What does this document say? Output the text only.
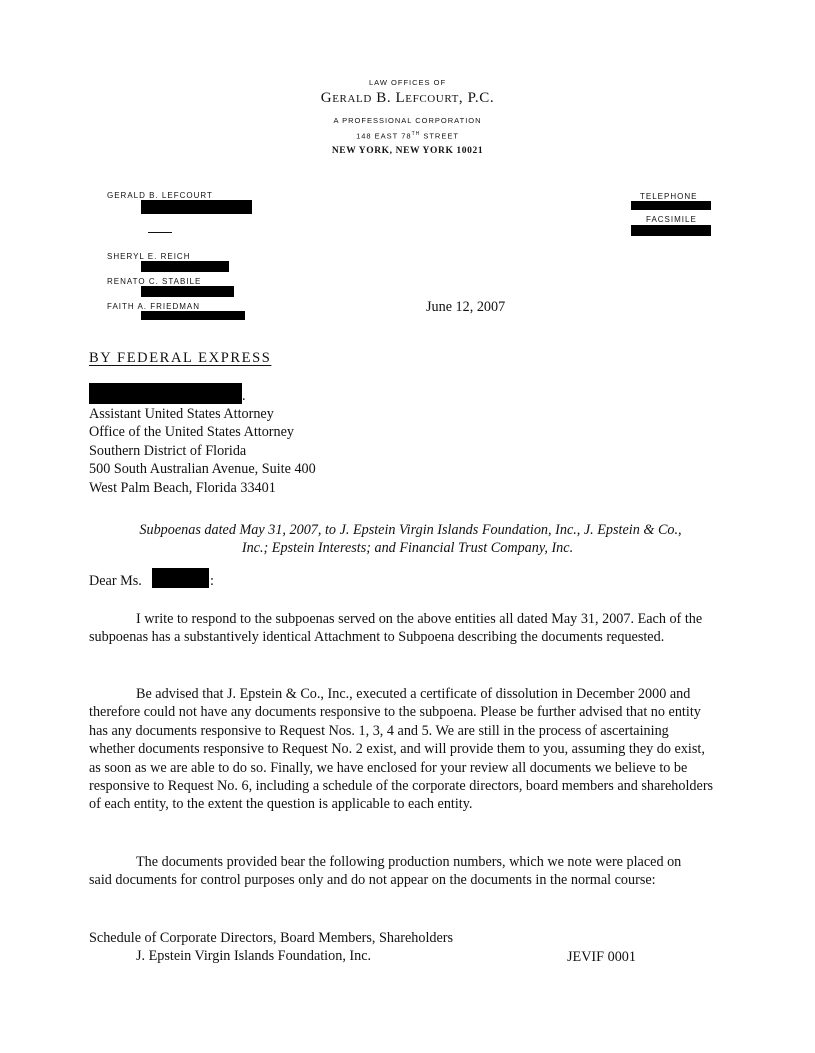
LAW OFFICES OF
Gerald B. Lefcourt, P.C.
A PROFESSIONAL CORPORATION
148 EAST 78TH STREET
NEW YORK, NEW YORK 10021
GERALD B. LEFCOURT
SHERYL E. REICH
RENATO C. STABILE
FAITH A. FRIEDMAN
TELEPHONE
FACSIMILE
June 12, 2007
BY FEDERAL EXPRESS
.
Assistant United States Attorney
Office of the United States Attorney
Southern District of Florida
500 South Australian Avenue, Suite 400
West Palm Beach, Florida 33401
Subpoenas dated May 31, 2007, to J. Epstein Virgin Islands Foundation, Inc., J. Epstein & Co.,
Inc.; Epstein Interests; and Financial Trust Company, Inc.
Dear Ms.	:
I write to respond to the subpoenas served on the above entities all dated May 31, 2007. Each of the subpoenas has a substantively identical Attachment to Subpoena describing the documents requested.
Be advised that J. Epstein & Co., Inc., executed a certificate of dissolution in December 2000 and therefore could not have any documents responsive to the subpoena. Please be further advised that no entity has any documents responsive to Request Nos. 1, 3, 4 and 5. We are still in the process of ascertaining whether documents responsive to Request No. 2 exist, and will provide them to you, assuming they do exist, as soon as we are able to do so. Finally, we have enclosed for your review all documents we believe to be responsive to Request No. 6, including a schedule of the corporate directors, board members and shareholders of each entity, to the extent the question is applicable to each entity.
The documents provided bear the following production numbers, which we note were placed on said documents for control purposes only and do not appear on the documents in the normal course:
Schedule of Corporate Directors, Board Members, Shareholders
J. Epstein Virgin Islands Foundation, Inc.	JEVIF 0001
